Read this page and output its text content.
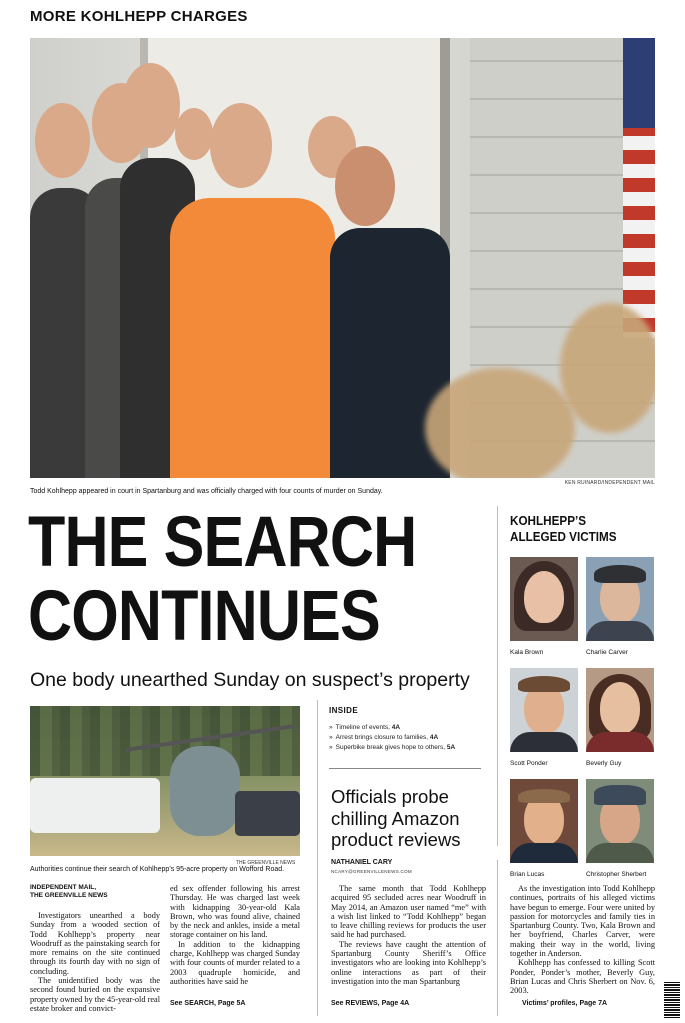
MORE KOHLHEPP CHARGES
KEN RUINARD/INDEPENDENT MAIL
Todd Kohlhepp appeared in court in Spartanburg and was officially charged with four counts of murder on Sunday.
THE SEARCH
CONTINUES
One body unearthed Sunday on suspect’s property
THE GREENVILLE NEWS
Authorities continue their search of Kohlhepp’s 95-acre property on Wofford Road.
INSIDE
» Timeline of events, 4A
» Arrest brings closure to families, 4A
» Superbike break gives hope to others, 5A
Officials probe chilling Amazon product reviews
NATHANIEL CARY
NCARY@GREENVILLENEWS.COM
INDEPENDENT MAIL,
THE GREENVILLE NEWS

Investigators unearthed a body Sunday from a wooded section of Todd Kohlhepp’s property near Woodruff as the painstaking search for more remains on the site continued through its fourth day with no sign of concluding.

The unidentified body was the second found buried on the expansive property owned by the 45-year-old real estate broker and convict-

ed sex offender following his arrest Thursday. He was charged last week with kidnapping 30-year-old Kala Brown, who was found alive, chained by the neck and ankles, inside a metal storage container on his land.

In addition to the kidnapping charge, Kohlhepp was charged Sunday with four counts of murder related to a 2003 quadruple homicide, and authorities have said he

See SEARCH, Page 5A

The same month that Todd Kohlhepp acquired 95 secluded acres near Woodruff in May 2014, an Amazon user named “me” with a wish list linked to “Todd Kohlhepp” began to leave chilling reviews for products the user said he had purchased.

The reviews have caught the attention of Spartanburg County Sheriff’s Office investigators who are looking into Kohlhepp’s online interactions as part of their investigation into the man Spartanburg

See REVIEWS, Page 4A
KOHLHEPP’S
ALLEGED VICTIMS
Kala Brown	Charlie Carver
Scott Ponder	Beverly Guy
Brian Lucas	Christopher Sherbert

As the investigation into Todd Kohlhepp continues, portraits of his alleged victims have begun to emerge. Four were united by passion for motorcycles and family ties in Spartanburg County. Two, Kala Brown and her boyfriend, Charles Carver, were making their way in the world, living together in Anderson.

Kohlhepp has confessed to killing Scott Ponder, Ponder’s mother, Beverly Guy, Brian Lucas and Chris Sherbert on Nov. 6, 2003.

Victims’ profiles, Page 7A
